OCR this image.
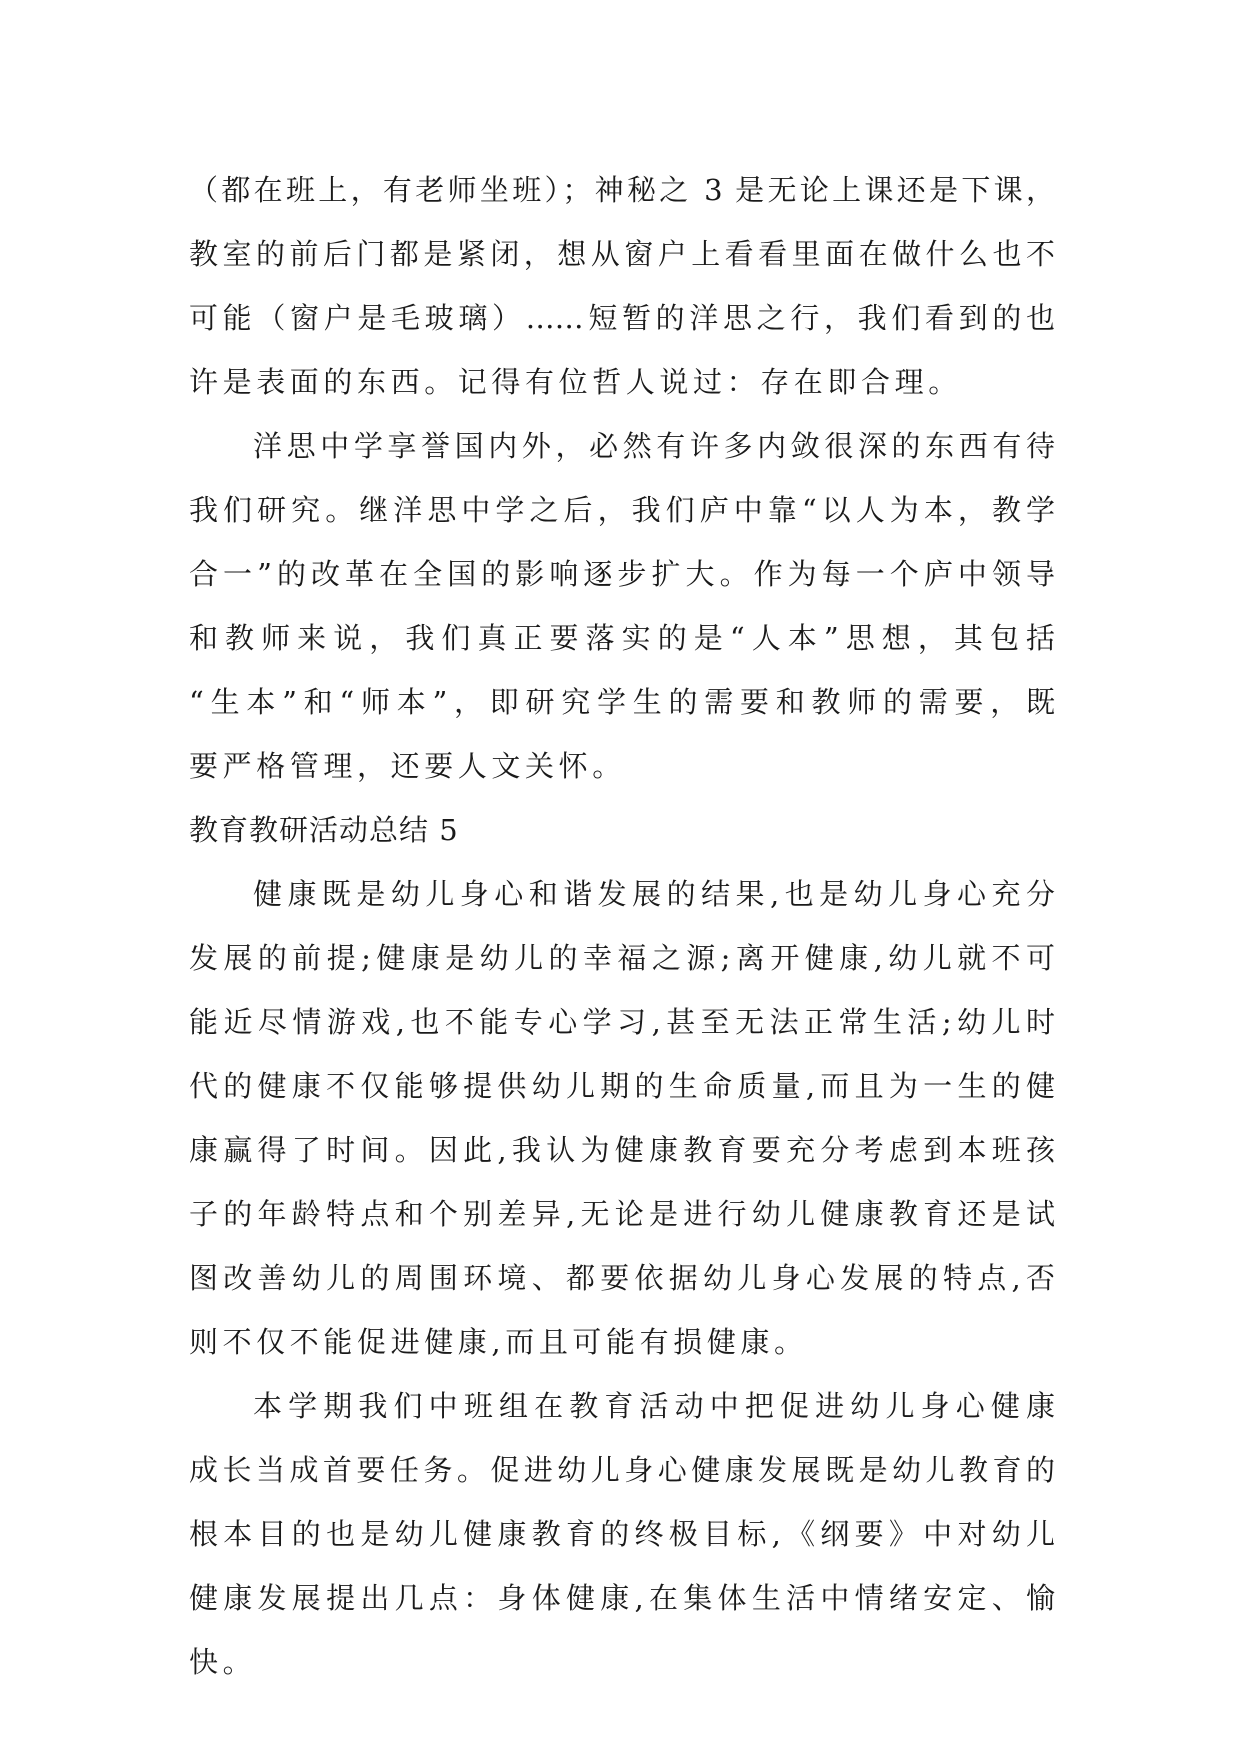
（都在班上，有老师坐班）；神秘之 3 是无论上课还是下课，
教室的前后门都是紧闭，想从窗户上看看里面在做什么也不
可能（窗户是毛玻璃）……短暂的洋思之行，我们看到的也
许是表面的东西。记得有位哲人说过：存在即合理。
洋思中学享誉国内外，必然有许多内敛很深的东西有待
我们研究。继洋思中学之后，我们庐中靠“以人为本，教学
合一”的改革在全国的影响逐步扩大。作为每一个庐中领导
和教师来说，我们真正要落实的是“人本”思想，其包括
“生本”和“师本”，即研究学生的需要和教师的需要，既
要严格管理，还要人文关怀。
教育教研活动总结 5
健康既是幼儿身心和谐发展的结果,也是幼儿身心充分
发展的前提;健康是幼儿的幸福之源;离开健康,幼儿就不可
能近尽情游戏,也不能专心学习,甚至无法正常生活;幼儿时
代的健康不仅能够提供幼儿期的生命质量,而且为一生的健
康赢得了时间。因此,我认为健康教育要充分考虑到本班孩
子的年龄特点和个别差异,无论是进行幼儿健康教育还是试
图改善幼儿的周围环境、都要依据幼儿身心发展的特点,否
则不仅不能促进健康,而且可能有损健康。
本学期我们中班组在教育活动中把促进幼儿身心健康
成长当成首要任务。促进幼儿身心健康发展既是幼儿教育的
根本目的也是幼儿健康教育的终极目标,《纲要》中对幼儿
健康发展提出几点：身体健康,在集体生活中情绪安定、愉
快。
